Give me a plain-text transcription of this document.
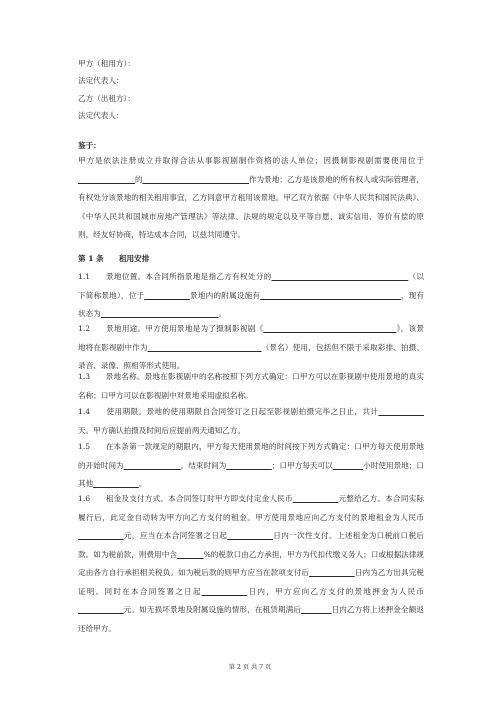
甲方（租用方）：
法定代表人：
乙方（出租方）：
法定代表人：
鉴于：
甲方是依法注册成立并取得合法从事影视剧制作资格的法人单位；因摄制影视剧需要使用位于_______________的____________________________作为景地；乙方是该景地的所有权人或实际管理者，有权处分该景地的相关租用事宜，乙方同意甲方租用该景地。甲乙双方依据《中华人民共和国民法典》、《中华人民共和国城市房地产管理法》等法律、法规的规定以及平等自愿、诚实信用、等价有偿的原则，经友好协商，特达成本合同，以兹共同遵守。
第 1 条　　租用安排
1.1　　景地位置。本合同所指景地是指乙方有权处分的____________________________________（以下简称景地），位于____________景地内的附属设施有_____________________________________，现有状态为_______________________________。
1.2　　景地用途。甲方使用景地是为了摄制影视剧《___________________________________》，该景地将在影视剧中作为______________________________（景名）使用，包括但不限于采取彩排、拍摄、录音、录像、照相等形式使用。
1.3　　景地名称。景地在影视剧中的名称按照下列方式确定：口甲方可以在影视剧中使用景地的真实名称；口甲方可以在影视剧中对景地采用虚拟名称。
1.4　　使用期限。景地的使用期限自合同签订之日起至影视剧拍摄完毕之日止，共计____________天。甲方确认拍摄及时间后应提前两天通知乙方。
1.5　　在本条第一款规定的期限内，甲方每天使用景地的时间按下列方式确定：口甲方每天使用景地的开始时间为_______________，结束时间为____________；口甲方每天可以________小时使用景地；口其他____________。
1.6　　租金及支付方式。本合同签订时甲方即支付定金人民币____________元整给乙方。本合同实际履行后，此定金自动转为甲方向乙方支付的租金。甲方使用景地应向乙方支付的景地租金为人民币____________元，应当在本合同签署之日起____________日内一次性支付。上述租金为口税前口税后款。如为税前款，则费用中含_______%的税款口由乙方承担，甲方为代扣代缴义务人；口或根据法律规定由各方自行承担相关税负。如为税后款的则甲方应当在款项支付后____________日内为乙方出具完税证明。同时在本合同签署之日起____________日内，甲方应向乙方支付的景地押金为人民币____________元。如无损坏景地及附属设施的情形，在租赁期满后________日内乙方将上述押金全额返还给甲方。
第 2 页 共 7 页
